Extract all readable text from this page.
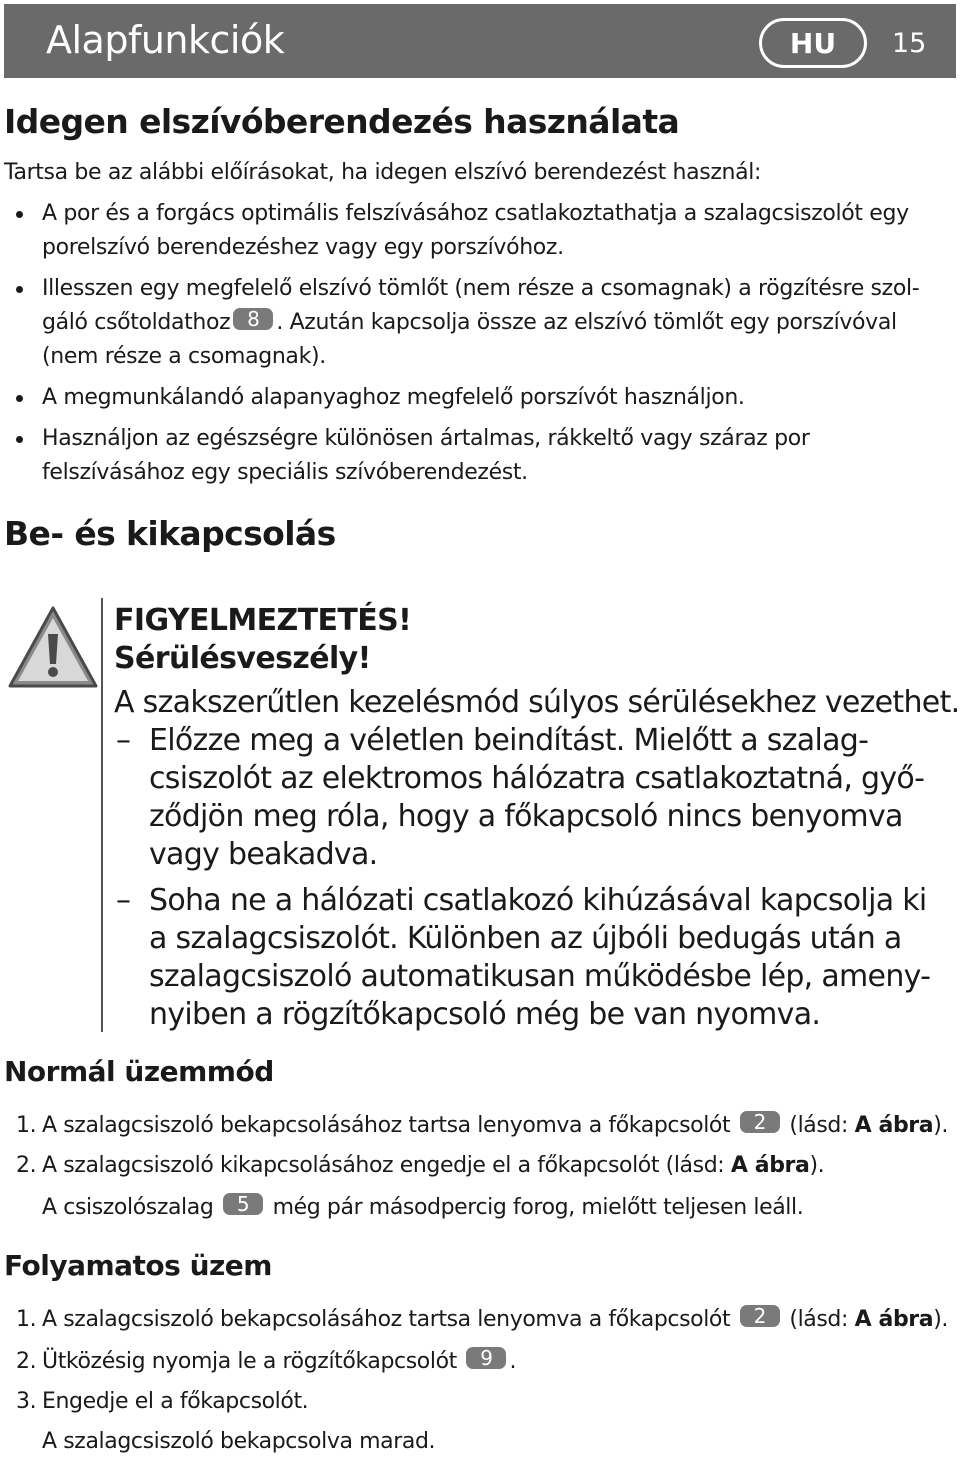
Alapfunkciók	HU	15
Idegen elszívóberendezés használata
Tartsa be az alábbi előírásokat, ha idegen elszívó berendezést használ:
A por és a forgács optimális felszívásához csatlakoztathatja a szalagcsiszolót egy
porelszívó berendezéshez vagy egy porszívóhoz.
Illesszen egy megfelelő elszívó tömlőt (nem része a csomagnak) a rögzítésre szol-
gáló csőtoldathoz 8 . Azután kapcsolja össze az elszívó tömlőt egy porszívóval
(nem része a csomagnak).
A megmunkálandó alapanyaghoz megfelelő porszívót használjon.
Használjon az egészségre különösen ártalmas, rákkeltő vagy száraz por
felszívásához egy speciális szívóberendezést.
Be- és kikapcsolás
FIGYELMEZTETÉS!
Sérülésveszély!
A szakszerűtlen kezelésmód súlyos sérülésekhez vezethet.
– Előzze meg a véletlen beindítást. Mielőtt a szalag-
csiszolót az elektromos hálózatra csatlakoztatná, győ-
ződjön meg róla, hogy a főkapcsoló nincs benyomva
vagy beakadva.
– Soha ne a hálózati csatlakozó kihúzásával kapcsolja ki
a szalagcsiszolót. Különben az újbóli bedugás után a
szalagcsiszoló automatikusan működésbe lép, ameny-
nyiben a rögzítőkapcsoló még be van nyomva.
Normál üzemmód
1. A szalagcsiszoló bekapcsolásához tartsa lenyomva a főkapcsolót 2 (lásd: A ábra).
2. A szalagcsiszoló kikapcsolásához engedje el a főkapcsolót (lásd: A ábra).
A csiszolószalag 5 még pár másodpercig forog, mielőtt teljesen leáll.
Folyamatos üzem
1. A szalagcsiszoló bekapcsolásához tartsa lenyomva a főkapcsolót 2 (lásd: A ábra).
2. Ütközésig nyomja le a rögzítőkapcsolót 9 .
3. Engedje el a főkapcsolót.
A szalagcsiszoló bekapcsolva marad.
